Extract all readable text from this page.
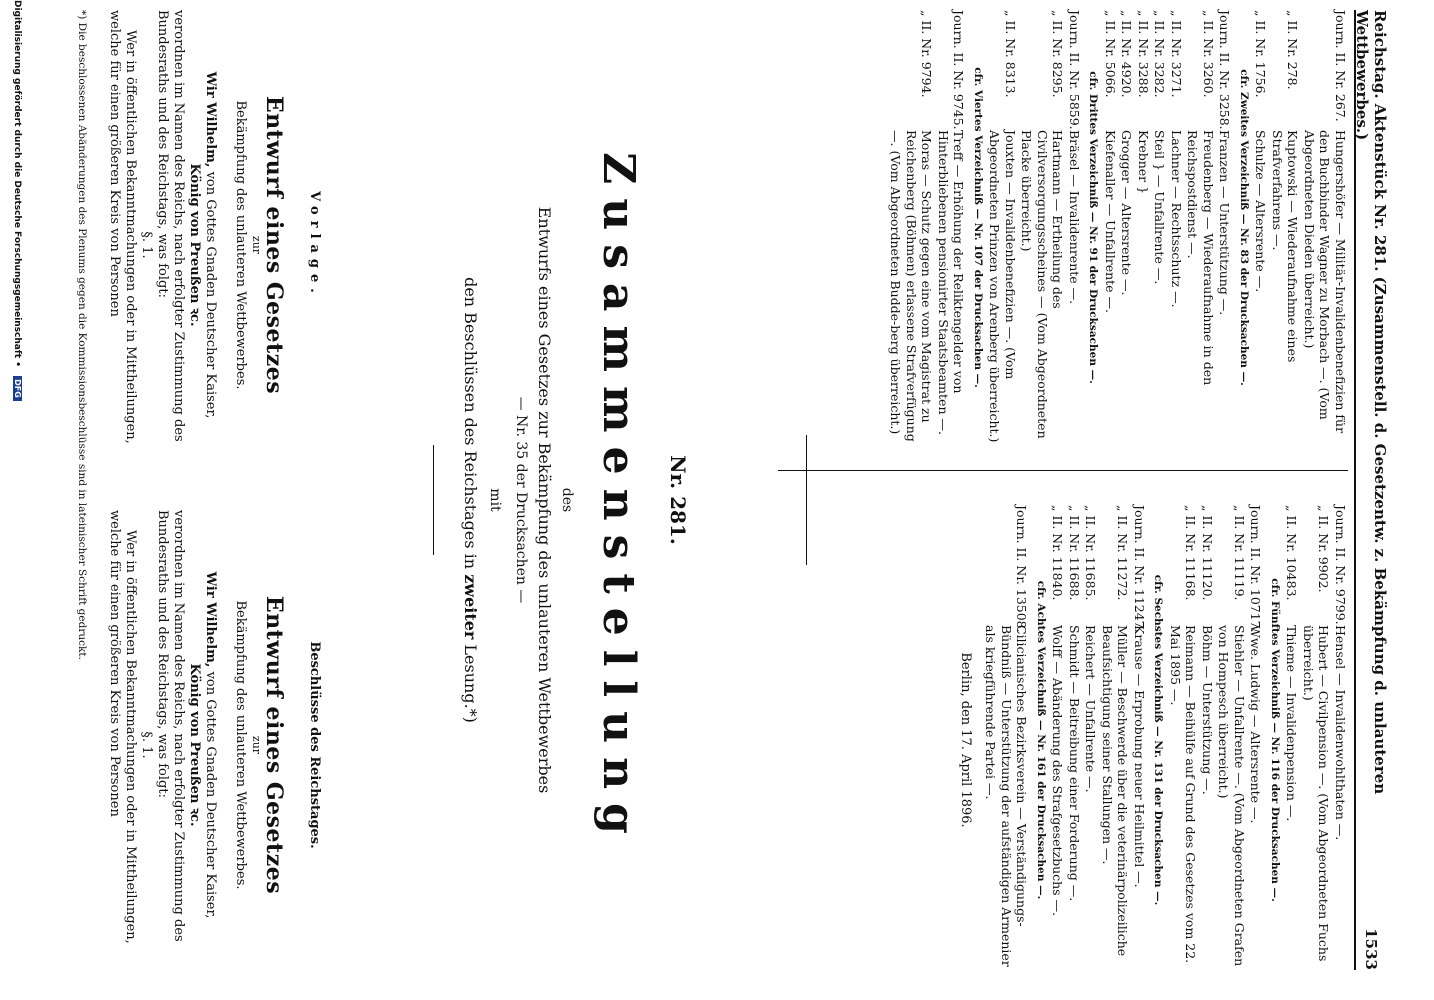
Reichstag. Aktenstück Nr. 281. (Zusammenstell. d. Gesetzentw. z. Bekämpfung d. unlauteren Wettbewerbes.)
1533
Journ. II. Nr. 267.
Hungershöfer — Militär-Invalidenbenefizien für den Buchbinder Wagner zu Morbach —. (Vom Abgeordneten Dieden überreicht.)
„ II. Nr. 278.
Kuptowski — Wiederaufnahme eines Strafverfahrens —.
„ II. Nr. 1756.
Schulze — Altersrente —.
cfr. Zweites Verzeichniß — Nr. 83 der Drucksachen —.
Journ. II. Nr. 3258.
Franzen — Unterstützung —.
„ II. Nr. 3260.
Freudenberg — Wiederaufnahme in den Reichspostdienst —.
„ II. Nr. 3271.
Lachner — Rechtsschutz —.
„ II. Nr. 3282.
Steil } — Unfallrente —.
„ II. Nr. 3288.
Krebner }
„ II. Nr. 4920.
Grogger — Altersrente —.
„ II. Nr. 5066.
Kiefenaller — Unfallrente —.
cfr. Drittes Verzeichniß — Nr. 91 der Drucksachen —.
Journ. II. Nr. 5859.
Bräsel — Invalidenrente —.
„ II. Nr. 8295.
Hartmann — Ertheilung des Civilversorgungsscheines — (Vom Abgeordneten Placke überreicht.)
„ II. Nr. 8313.
Jouxten — Invalidenbenefizien —. (Vom Abgeordneten Prinzen von Arenberg überreicht.)
cfr. Viertes Verzeichniß — Nr. 107 der Drucksachen —.
Journ. II. Nr. 9745.
Treff — Erhöhung der Reliktengelder von Hinterbliebenen pensionirter Staatsbeamten —.
„ II. Nr. 9794.
Moras — Schutz gegen eine vom Magistrat zu Reichenberg (Böhmen) erlassene Strafverfügung —. (Vom Abgeordneten Budde-berg überreicht.)
Journ. II. Nr. 9799.
Hensel — Invalidenwohlthaten —.
„ II. Nr. 9902.
Hubert — Civilpension —. (Vom Abgeordneten Fuchs überreicht.)
„ II. Nr. 10483.
Thieme — Invalidenpension —.
cfr. Fünftes Verzeichniß — Nr. 116 der Drucksachen —.
Journ. II. Nr. 10717.
Wwe. Ludwig — Altersrente —.
„ II. Nr. 11119.
Stiehler — Unfallrente —. (Vom Abgeordneten Grafen von Hompesch überreicht.)
„ II. Nr. 11120.
Böhm — Unterstützung —.
„ II. Nr. 11168.
Reimann — Beihülfe auf Grund des Gesetzes vom 22. Mai 1895 —.
cfr. Sechstes Verzeichniß — Nr. 131 der Drucksachen —.
Journ. II. Nr. 11247.
Krause — Erprobung neuer Heilmittel —.
„ II. Nr. 11272.
Müller — Beschwerde über die veterinärpolizeiliche Beaufsichtigung seiner Stallungen —.
„ II. Nr. 11685.
Reichert — Unfallrente —.
„ II. Nr. 11688.
Schmidt — Beitreibung einer Forderung —.
„ II. Nr. 11840.
Wolff — Abänderung des Strafgesetzbuchs —.
cfr. Achtes Verzeichniß — Nr. 161 der Drucksachen —.
Journ. II. Nr. 13508.
Cilicianisches Bezirksverein — Verständigungs-Bündniß — Unterstützung der aufständigen Armenier als kriegführende Partei —.
Berlin, den 17. April 1896.
Nr. 281.
Zusammenstellung
des
Entwurfs eines Gesetzes zur Bekämpfung des unlauteren Wettbewerbes
— Nr. 35 der Drucksachen —
mit
den Beschlüssen des Reichstages in zweiter Lesung.*)
Vorlage.
Entwurf eines Gesetzes
zur
Bekämpfung des unlauteren Wettbewerbes.
Wir Wilhelm, von Gottes Gnaden Deutscher Kaiser,
König von Preußen ꝛc.
verordnen im Namen des Reichs, nach erfolgter Zustimmung des Bundesraths und des Reichstags, was folgt:
§. 1.
Wer in öffentlichen Bekanntmachungen oder in Mittheilungen, welche für einen größeren Kreis von Personen
Beschlüsse des Reichstages.
Entwurf eines Gesetzes
zur
Bekämpfung des unlauteren Wettbewerbes.
Wir Wilhelm, von Gottes Gnaden Deutscher Kaiser,
König von Preußen ꝛc.
verordnen im Namen des Reichs, nach erfolgter Zustimmung des Bundesraths und des Reichstags, was folgt:
§. 1.
Wer in öffentlichen Bekanntmachungen oder in Mittheilungen, welche für einen größeren Kreis von Personen
*) Die beschlossenen Abänderungen des Plenums gegen die Kommissionsbeschlüsse sind in lateinischer Schrift gedruckt.
Digitalisierung gefördert durch die Deutsche Forschungsgemeinschaft • DFG
